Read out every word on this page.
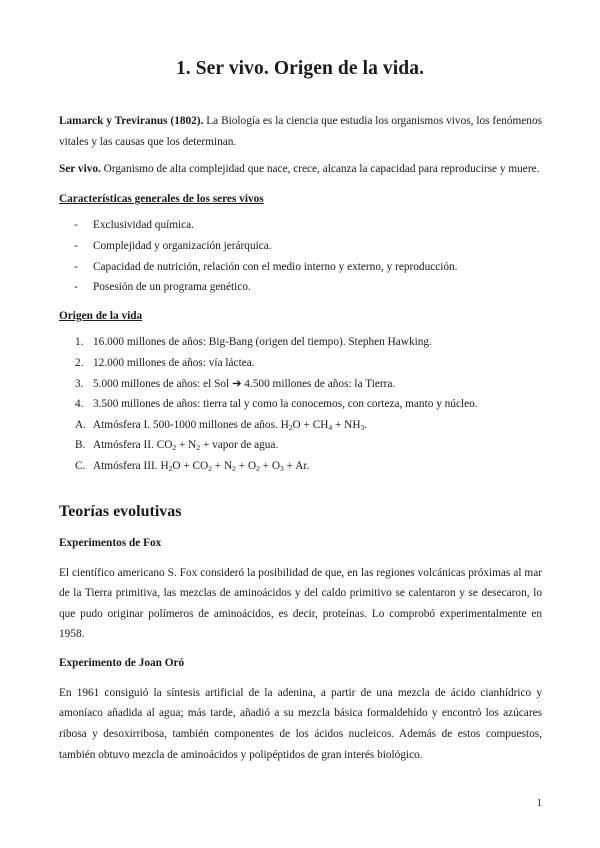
1. Ser vivo. Origen de la vida.

Lamarck y Treviranus (1802). La Biología es la ciencia que estudia los organismos vivos, los fenómenos vitales y las causas que los determinan.

Ser vivo. Organismo de alta complejidad que nace, crece, alcanza la capacidad para reproducirse y muere.

Características generales de los seres vivos
- Exclusividad química.
- Complejidad y organización jerárquica.
- Capacidad de nutrición, relación con el medio interno y externo, y reproducción.
- Posesión de un programa genético.
Origen de la vida
1. 16.000 millones de años: Big-Bang (origen del tiempo). Stephen Hawking.
2. 12.000 millones de años: vía láctea.
3. 5.000 millones de años: el Sol ➔ 4.500 millones de años: la Tierra.
4. 3.500 millones de años: tierra tal y como la conocemos, con corteza, manto y núcleo.
A. Atmósfera I. 500-1000 millones de años. $H_2O + CH_4 + NH_3$.
B. Atmósfera II. $CO_2 + N_2$ + vapor de agua.
C. Atmósfera III. $H_2O + CO_2 + N_2 + O_2 + O_3 + Ar$.
Teorías evolutivas
Experimentos de Fox

El científico americano S. Fox consideró la posibilidad de que, en las regiones volcánicas próximas al mar de la Tierra primitiva, las mezclas de aminoácidos y del caldo primitivo se calentaron y se desecaron, lo que pudo originar polímeros de aminoácidos, es decir, proteínas. Lo comprobó experimentalmente en 1958.

Experimento de Joan Oró

En 1961 consiguió la síntesis artificial de la adenina, a partir de una mezcla de ácido cianhídrico y amoníaco añadida al agua; más tarde, añadió a su mezcla básica formaldehído y encontró los azúcares ribosa y desoxirribosa, también componentes de los ácidos nucleicos. Además de estos compuestos, también obtuvo mezcla de aminoácidos y polipéptidos de gran interés biológico.

1
